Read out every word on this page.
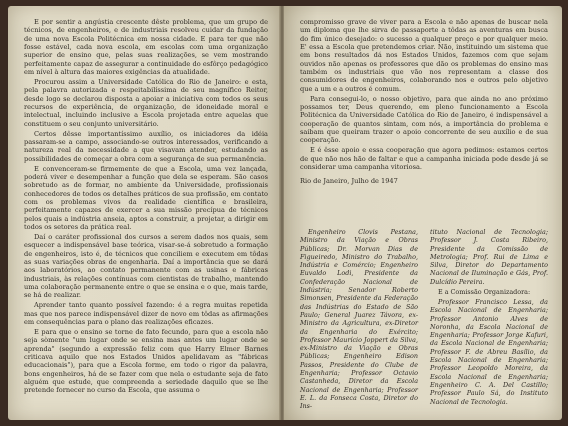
E por sentir a angústia crescente dêste problema, que um grupo de técnicos, de engenheiros, e de industriais resolveu cuidar da fundação de uma nova Escola Politécnica em nossa cidade. E para ter que não fosse estável, cada nova escola, em escolas com uma organização superior de ensino que, pelas suas realizações, se vem mostrando perfeitamente capaz de assegurar a continuidade do esfôrço pedagógico em nível à altura das maiores exigências da atualidade.

Procurou assim a Universidade Católica do Rio de Janeiro: e esta, pela palavra autorizada e respeitabilíssima de seu magnífico Reitor, desde logo se declarou disposta a apoiar a iniciativa com todos os seus recursos de experiência, de organização, de idoneidade moral e intelectual, incluindo inclusive a Escola projetada entre aquelas que constituem o seu conjunto universitário.

Certos dêsse importantíssimo auxílio, os iniciadores da idéia passaram-se a campo, associando-se outros interessados, verificando a natureza real da necessidade a que visavam atender, estudando as possibilidades de começar a obra com a segurança de sua permanência.

E convenceram-se firmemente de que a Escola, uma vez lançada, poderá viver e desempenhar a função que dela se esperam. São casos sobretudo as de formar, no ambiente da Universidade, profissionais conhecedores de todos os detalhes práticos de sua profissão, em contato com os problemas vivos da realidade científica e brasileira, perfeitamente capazes de exercer a sua missão precípua de técnicos pelos quais a indústria anseia, aptos a construir, a projetar, a dirigir em todos os setores da prática real.

Daí o caráter profissional dos cursos a serem dados nos quais, sem esquecer a indispensável base teórica, visar-se-á sobretudo a formação de engenheiros, isto é, de técnicos que conciliem e executem em tôdas as suas variações obras de engenharia. Daí a importância que se dará aos laboratórios, ao contato permanente com as usinas e fábricas industriais, às relações contínuas com cientistas de trabalho, mantendo uma colaboração permanente entre o que se ensina e o que, mais tarde, se há de realizar.

Aprender tanto quanto possível fazendo: é a regra muitas repetida mas que nos parece indispensável dizer de novo em tôdas as afirmações em consequências para o plano das realizações eficazes.

E para que o ensino se torne de fato fecundo, para que a escola não seja sòmente "um lugar onde se ensina mas antes um lugar onde se aprenda" (segundo a expressão feliz com que Harry Elmer Barnes criticava aquilo que nos Estados Unidos apelidavam as "fábricas educacionais"), para que a Escola forme, em todo o rigor da palavra, bons engenheiros, há de se fazer com que nela o estudante seja de fato alguém que estude, que compreenda a seriedade daquilo que se lhe pretende fornecer no curso da Escola, que assuma o

compromisso grave de viver para a Escola e não apenas de buscar nela um diploma que lhe sirva de passaporte a tôdas as aventuras em busca do fim único desejado: o sucesso a qualquer preço e por qualquer meio. E' essa a Escola que pretendemos criar. Não, instituindo um sistema que em bons resultados dá nos Estados Unidos, fazemos com que sejam ouvidos não apenas os professores que dão os problemas do ensino mas também os industriais que vão nos representam a classe dos consumidores de engenheiros, colaborando nos e outros pelo objetivo que a um e a outros é comum.

Para consegui-lo, o nosso objetivo, para que ainda no ano próximo possamos ter, Deus querendo, em pleno funcionamento a Escola Politécnica da Universidade Católica do Rio de Janeiro, é indispensável a cooperação de quantos sintam, com nós, a importância do problema e saibam que queiram trazer o apoio concorrente de seu auxílio e de sua cooperação.

E é êsse apoio e essa cooperação que agora pedimos: estamos certos de que não nos hão de faltar e que a campanha iniciada pode desde já se considerar uma campanha vitoriosa.

Rio de Janeiro, Julho de 1947

Engenheiro Clovis Pestana, Ministro da Viação e Obras Públicas; Dr. Morvan Dias de Figueiredo, Ministro do Trabalho, Indústria e Comércio; Engenheiro Euvaldo Lodi, Presidente da Confederação Nacional de Indústria; Senador Roberto Simonsen, Presidente da Federação das Indústrias do Estado de São Paulo; General Juarez Távora, ex-Ministro da Agricultura, ex-Diretor da Engenharia do Exército; Professor Maurício Joppert da Silva, ex-Ministro da Viação e Obras Públicas; Engenheiro Edison Passos, Presidente do Clube de Engenharia; Professor Octavio Castanheda, Diretor da Escola Nacional de Engenharia; Professor E. L. da Fonseca Costa, Diretor do Ins-

tituto Nacional de Tecnologia; Professor J. Costa Ribeiro, Presidente da Comissão de Metrologia; Prof. Rui de Lima e Silva, Diretor do Departamento Nacional de Iluminação e Gás, Prof. Dulcídio Pereira.

E a Comissão Organizadora:

Professor Francisco Lessa, da Escola Nacional de Engenharia; Professor Antonio Alves de Noronha, da Escola Nacional de Engenharia; Professor Jorge Kafuri, da Escola Nacional de Engenharia; Professor F. de Abreu Basílio, da Escola Nacional de Engenharia; Professor Leopoldo Moreira, da Escola Nacional de Engenharia; Engenheiro C. A. Del Castillo; Professor Paulo Sá, do Instituto Nacional de Tecnologia.
